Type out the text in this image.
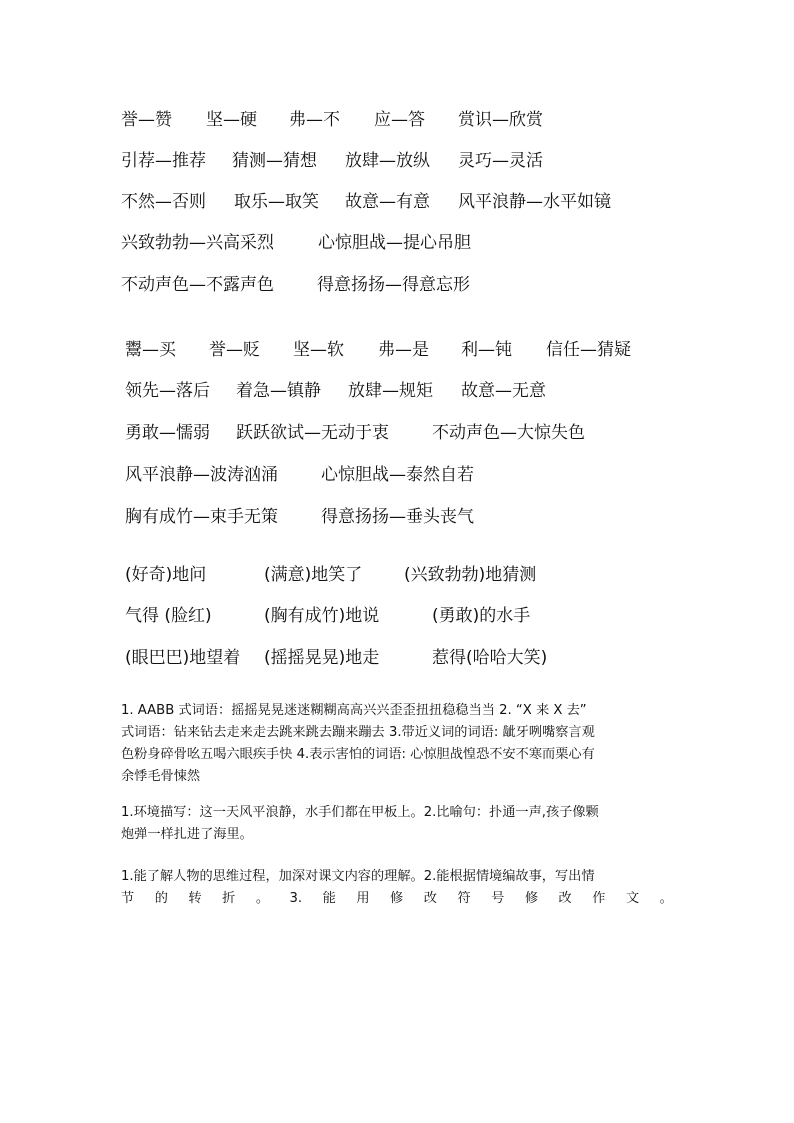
誉—赞 坚—硬 弗—不 应—答 赏识—欣赏
引荐—推荐 猜测—猜想 放肆—放纵 灵巧—灵活
不然—否则 取乐—取笑 故意—有意 风平浪静—水平如镜
兴致勃勃—兴高采烈	心惊胆战—提心吊胆
不动声色—不露声色	得意扬扬—得意忘形
鬻—买 誉—贬 坚—软 弗—是 利—钝 信任—猜疑
领先—落后 着急—镇静 放肆—规矩 故意—无意
勇敢—懦弱 跃跃欲试—无动于衷	不动声色—大惊失色
风平浪静—波涛汹涌	心惊胆战—泰然自若
胸有成竹—束手无策	得意扬扬—垂头丧气
(好奇)地问	(满意)地笑了 (兴致勃勃)地猜测
气得 (脸红)	(胸有成竹)地说	(勇敢)的水手
(眼巴巴)地望着 (摇摇晃晃)地走	惹得(哈哈大笑)
1. AABB 式词语：摇摇晃晃迷迷糊糊高高兴兴歪歪扭扭稳稳当当 2. “X 来 X 去”
式词语：钻来钻去走来走去跳来跳去蹦来蹦去 3.带近义词的词语: 龇牙咧嘴察言观
色粉身碎骨吆五喝六眼疾手快 4.表示害怕的词语: 心惊胆战惶恐不安不寒而栗心有
余悸毛骨悚然
1.环境描写：这一天风平浪静，水手们都在甲板上。2.比喻句：扑通一声,孩子像颗
炮弹一样扎进了海里。
1.能了解人物的思维过程，加深对课文内容的理解。2.能根据情境编故事，写出情
节 的 转 折 。 3. 能 用 修 改 符 号 修 改 作 文 。
